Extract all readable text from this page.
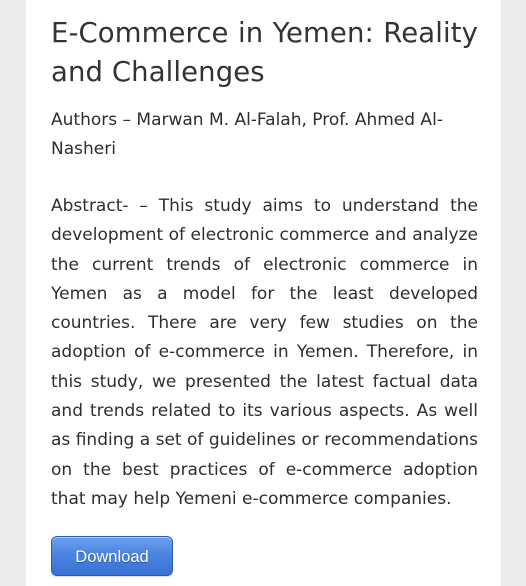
E-Commerce in Yemen: Reality and Challenges

Authors – Marwan M. Al-Falah, Prof. Ahmed Al-Nasheri

Abstract- – This study aims to understand the development of electronic commerce and analyze the current trends of electronic commerce in Yemen as a model for the least developed countries. There are very few studies on the adoption of e-commerce in Yemen. Therefore, in this study, we presented the latest factual data and trends related to its various aspects. As well as finding a set of guidelines or recommendations on the best practices of e-commerce adoption that may help Yemeni e-commerce companies.

Download
